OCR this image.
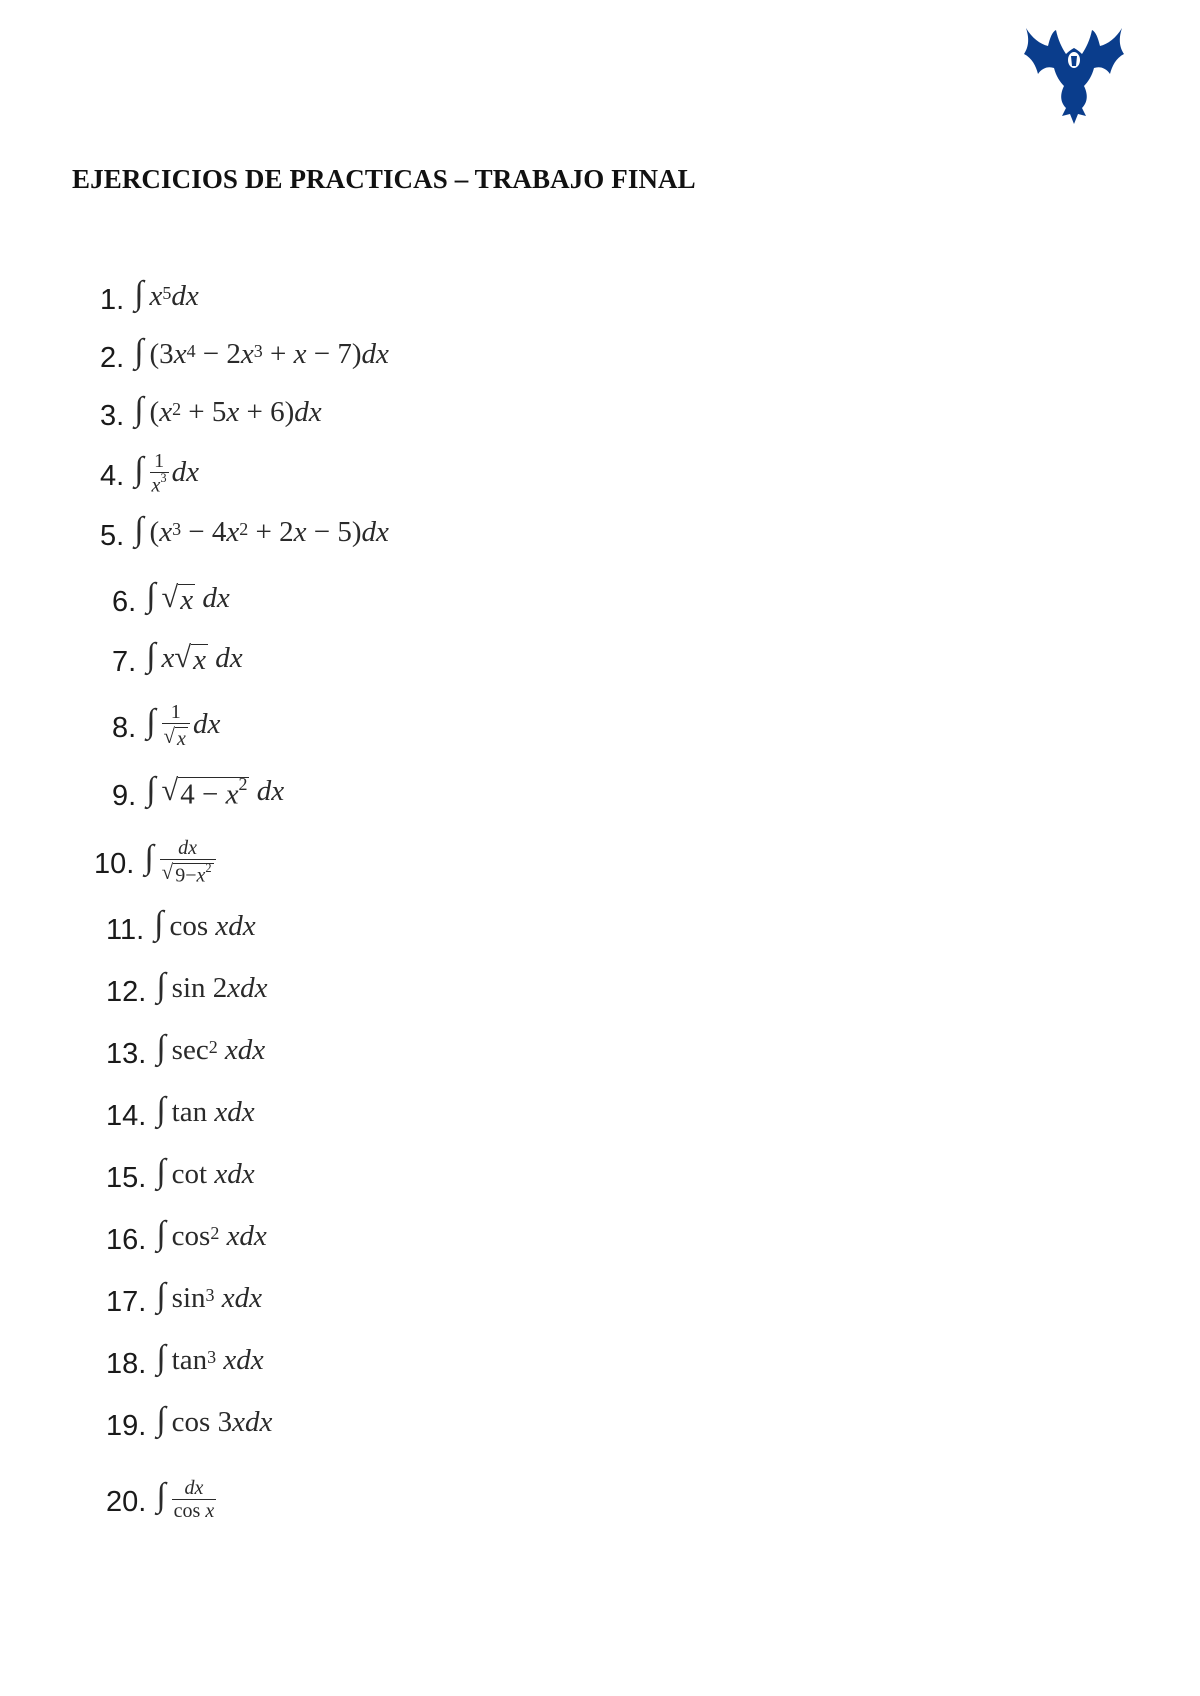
EJERCICIOS DE PRACTICAS – TRABAJO FINAL
1. ∫ $x^5$ dx
2. ∫ (3 $x^4 - 2$ $x^3 + x - 7$) dx
3. ∫ ( $x^2 + 5$ x + 6) dx
4. ∫ $\frac{1}{x^3}$ dx
5. ∫ ( $x^3 - 4$ $x^2 + 2$ x − 5) dx
6. ∫ √ x
dx
7. ∫ x √ x
dx
8. ∫ $\frac{1}{√ x}$ dx
9. ∫ √ $4 - x^2$
dx
10. ∫ $\frac{dx}{√ 9-x^2}$
11. ∫ cos xdx
12. ∫ sin 2 xdx
13. ∫ $\sec^2$
xdx
14. ∫ tan xdx
15. ∫ cot xdx
16. ∫ $\cos^2$
xdx
17. ∫ $\sin^3$
xdx
18. ∫ $\tan^3$
xdx
19. ∫ cos 3 xdx
20. ∫ $\frac{dx}{\text{cos x}}$
